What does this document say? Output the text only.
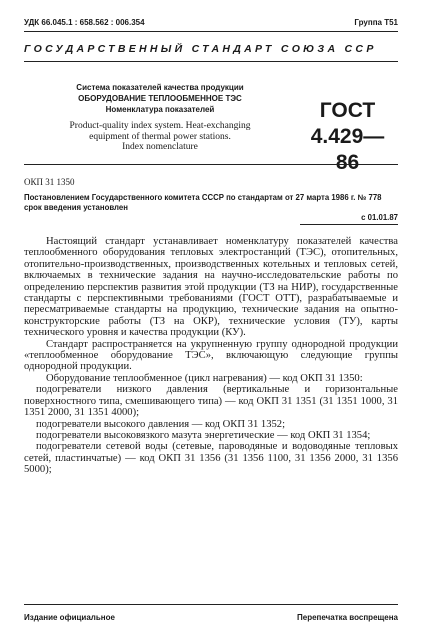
УДК 66.045.1 : 658.562 : 006.354	Группа Т51
ГОСУДАРСТВЕННЫЙ СТАНДАРТ СОЮЗА ССР
Система показателей качества продукции
ОБОРУДОВАНИЕ ТЕПЛООБМЕННОЕ ТЭС
Номенклатура показателей
Product-quality index system. Heat-exchanging
equipment of thermal power stations.
Index nomenclature
ГОСТ
4.429—86
ОКП 31 1350
Постановлением Государственного комитета СССР по стандартам от 27 марта 1986 г. № 778 срок введения установлен
с 01.01.87

Настоящий стандарт устанавливает номенклатуру показателей качества теплообменного оборудования тепловых электростанций (ТЭС), отопительных, отопительно-производственных, производственных котельных и тепловых сетей, включаемых в технические задания на научно-исследовательские работы по определению перспектив развития этой продукции (ТЗ на НИР), государственные стандарты с перспективными требованиями (ГОСТ ОТТ), разрабатываемые и пересматриваемые стандарты на продукцию, технические задания на опытно-конструкторские работы (ТЗ на ОКР), технические условия (ТУ), карты технического уровня и качества продукции (КУ).

Стандарт распространяется на укрупненную группу однородной продукции «теплообменное оборудование ТЭС», включающую следующие группы однородной продукции.

Оборудование теплообменное (цикл нагревания) — код ОКП 31 1350:

подогреватели низкого давления (вертикальные и горизонтальные поверхностного типа, смешивающего типа) — код ОКП 31 1351 (31 1351 1000, 31 1351 2000, 31 1351 4000);

подогреватели высокого давления — код ОКП 31 1352;

подогреватели высоковязкого мазута энергетические — код ОКП 31 1354;

подогреватели сетевой воды (сетевые, пароводяные и водоводяные тепловых сетей, пластинчатые) — код ОКП 31 1356 (31 1356 1100, 31 1356 2000, 31 1356 5000);

Издание официальное	Перепечатка воспрещена
